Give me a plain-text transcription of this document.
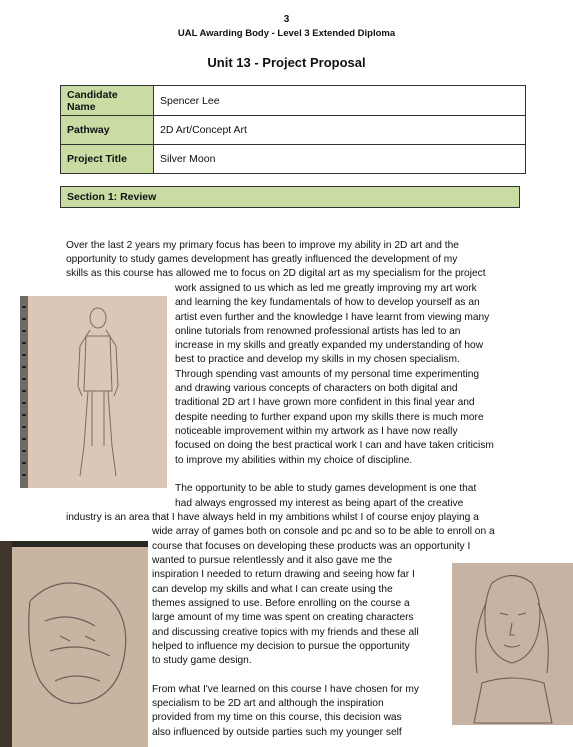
3
UAL Awarding Body - Level 3 Extended Diploma
Unit 13 - Project Proposal
Candidate Name	Spencer Lee
Pathway	2D Art/Concept Art
Project Title	Silver Moon
Section 1: Review
Over the last 2 years my primary focus has been to improve my ability in 2D art and the
opportunity to study games development has greatly influenced the development of my
skills as this course has allowed me to focus on 2D digital art as my specialism for the project
work assigned to us which as led me greatly improving my art work
and learning the key fundamentals of how to develop yourself as an
artist even further and the knowledge I have learnt from viewing many
online tutorials from renowned professional artists has led to an
increase in my skills and greatly expanded my understanding of how
best to practice and develop my skills in my chosen specialism.
Through spending vast amounts of my personal time experimenting
and drawing various concepts of characters on both digital and
traditional 2D art I have grown more confident in this final year and
despite needing to further expand upon my skills there is much more
noticeable improvement within my artwork as I have now really
focused on doing the best practical work I can and have taken criticism
to improve my abilities within my choice of discipline.
The opportunity to be able to study games development is one that
had always engrossed my interest as being apart of the creative
industry is an area that I have always held in my ambitions whilst I of course enjoy playing a
wide array of games both on console and pc and so to be able to enroll on a
course that focuses on developing these products was an opportunity I
wanted to pursue relentlessly and it also gave me the
inspiration I needed to return drawing and seeing how far I
can develop my skills and what I can create using the
themes assigned to use. Before enrolling on the course a
large amount of my time was spent on creating characters
and discussing creative topics with my friends and these all
helped to influence my decision to pursue the opportunity
to study game design.
From what I've learned on this course I have chosen for my
specialism to be 2D art and although the inspiration
provided from my time on this course, this decision was
also influenced by outside parties such my younger self
